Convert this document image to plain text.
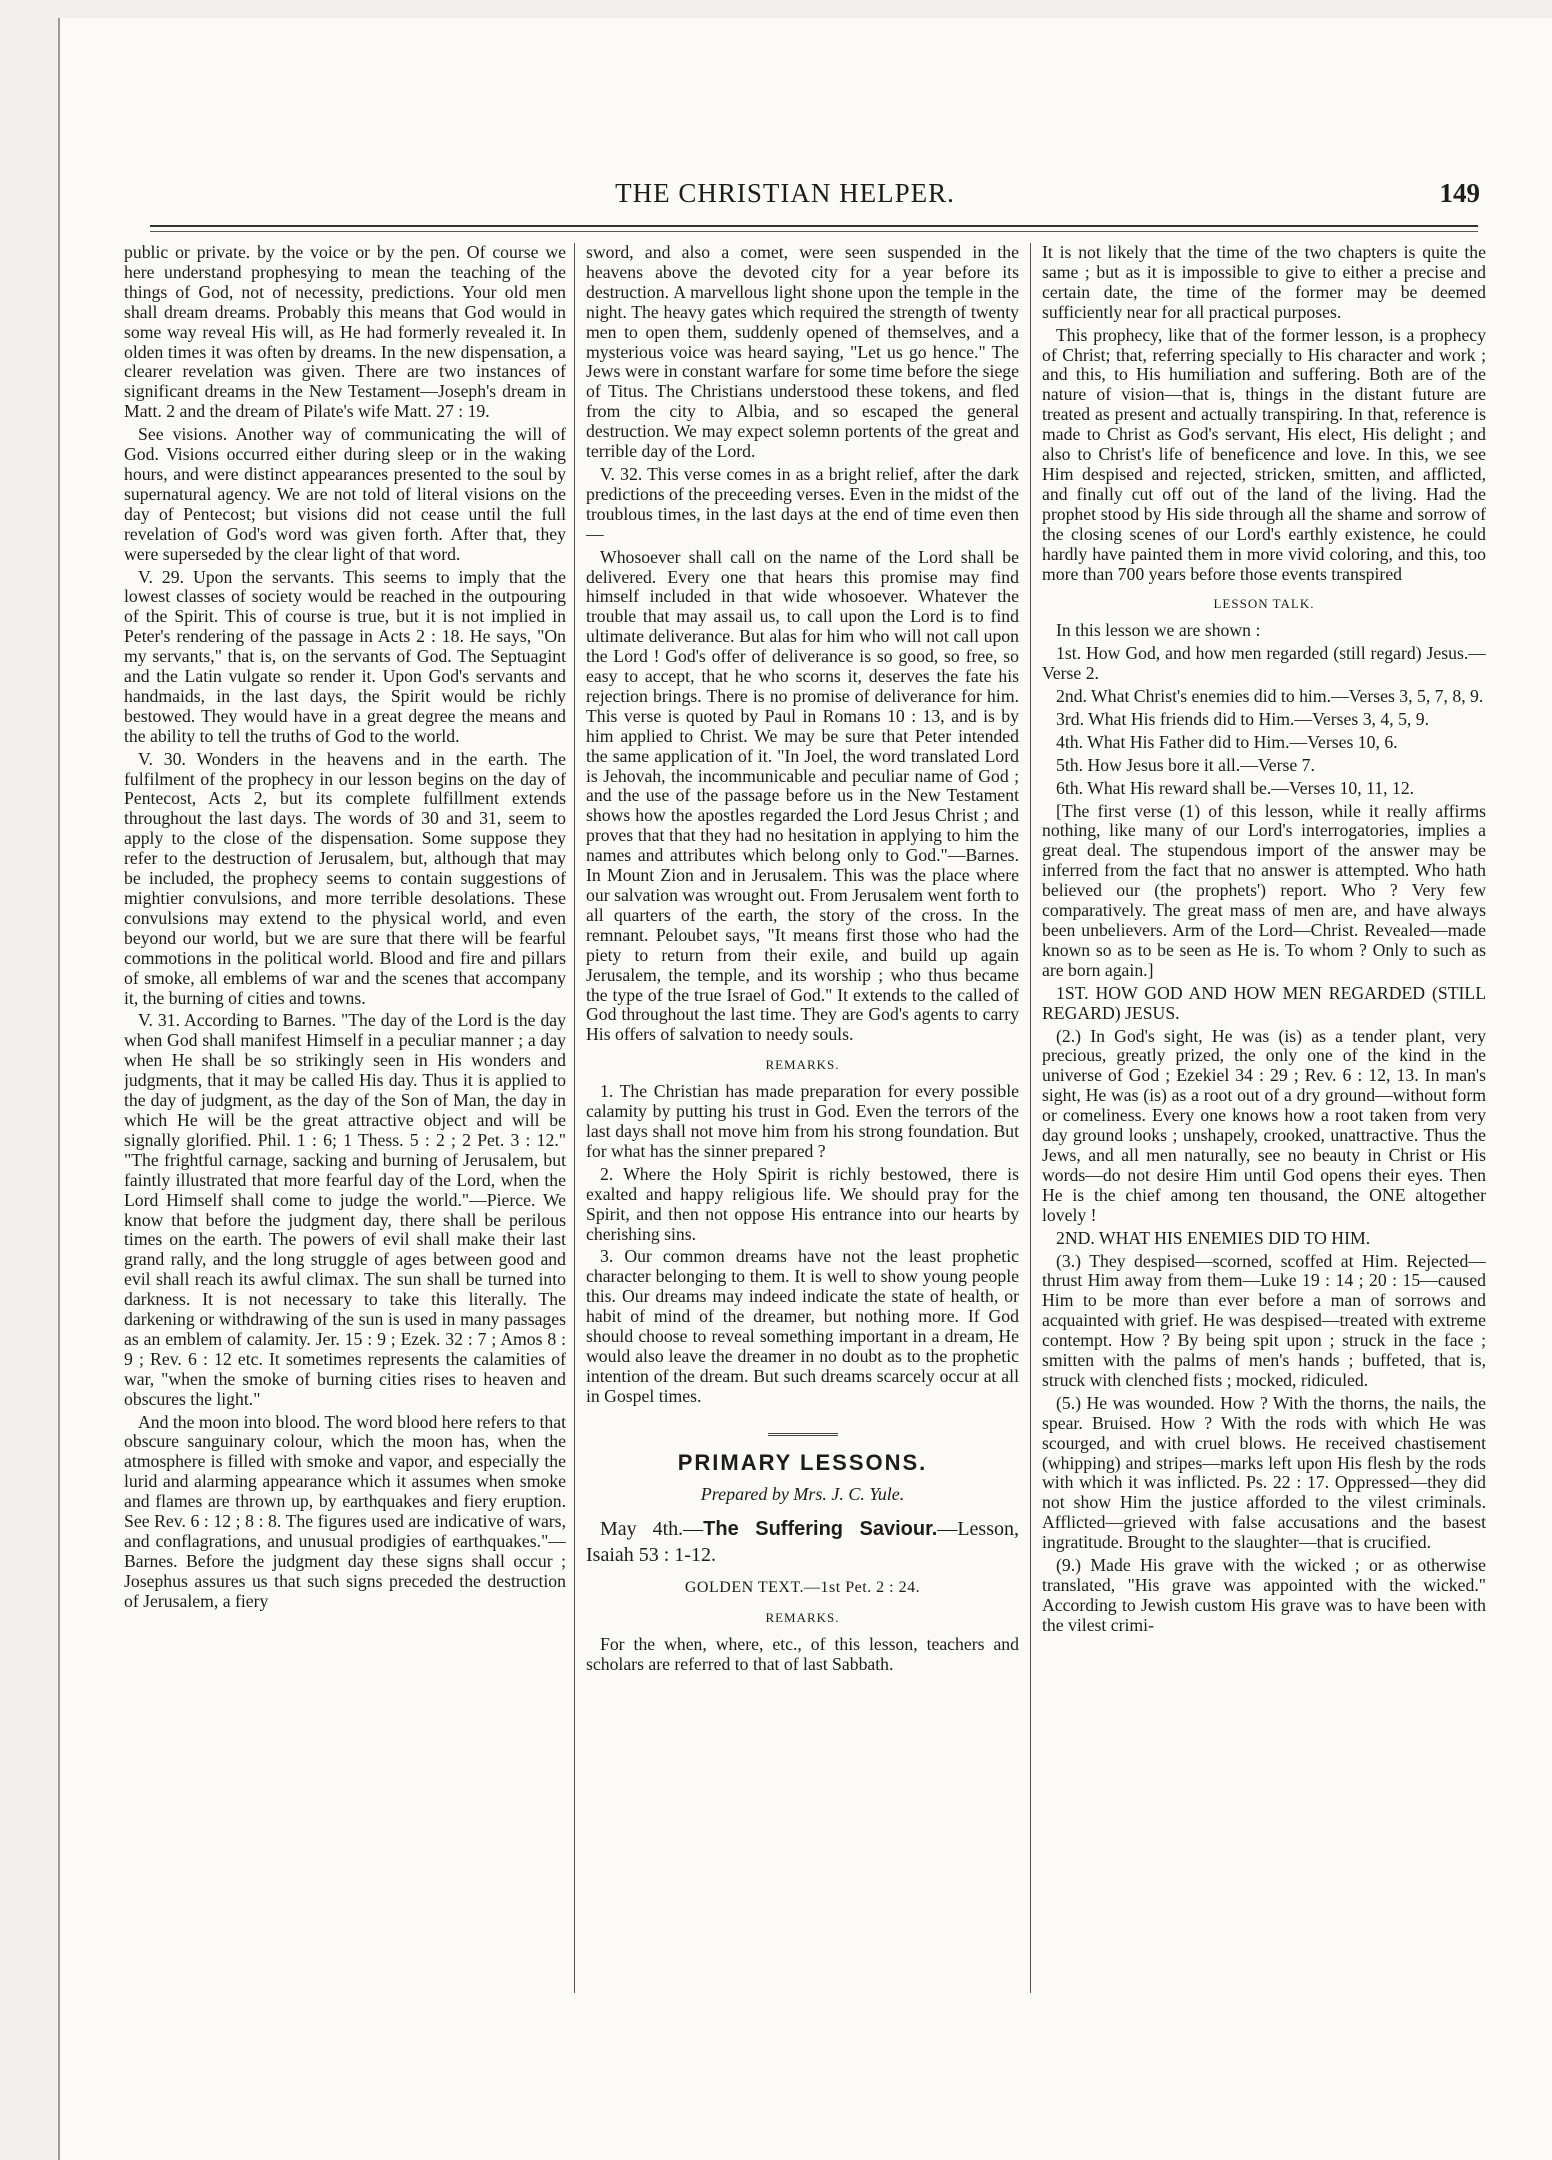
THE CHRISTIAN HELPER.	149

public or private. by the voice or by the pen. Of course we here understand prophesying to mean the teaching of the things of God, not of necessity, predictions. Your old men shall dream dreams. Probably this means that God would in some way reveal His will, as He had formerly revealed it. In olden times it was often by dreams. In the new dispensation, a clearer revelation was given. There are two instances of significant dreams in the New Testament—Joseph's dream in Matt. 2 and the dream of Pilate's wife Matt. 27 : 19.

See visions. Another way of communicating the will of God. Visions occurred either during sleep or in the waking hours, and were distinct appearances presented to the soul by supernatural agency. We are not told of literal visions on the day of Pentecost; but visions did not cease until the full revelation of God's word was given forth. After that, they were superseded by the clear light of that word.

V. 29. Upon the servants. This seems to imply that the lowest classes of society would be reached in the outpouring of the Spirit. This of course is true, but it is not implied in Peter's rendering of the passage in Acts 2 : 18. He says, "On my servants," that is, on the servants of God. The Septuagint and the Latin vulgate so render it. Upon God's servants and handmaids, in the last days, the Spirit would be richly bestowed. They would have in a great degree the means and the ability to tell the truths of God to the world.

V. 30. Wonders in the heavens and in the earth. The fulfilment of the prophecy in our lesson begins on the day of Pentecost, Acts 2, but its complete fulfillment extends throughout the last days. The words of 30 and 31, seem to apply to the close of the dispensation. Some suppose they refer to the destruction of Jerusalem, but, although that may be included, the prophecy seems to contain suggestions of mightier convulsions, and more terrible desolations. These convulsions may extend to the physical world, and even beyond our world, but we are sure that there will be fearful commotions in the political world. Blood and fire and pillars of smoke, all emblems of war and the scenes that accompany it, the burning of cities and towns.

V. 31. According to Barnes. "The day of the Lord is the day when God shall manifest Himself in a peculiar manner ; a day when He shall be so strikingly seen in His wonders and judgments, that it may be called His day. Thus it is applied to the day of judgment, as the day of the Son of Man, the day in which He will be the great attractive object and will be signally glorified. Phil. 1 : 6; 1 Thess. 5 : 2 ; 2 Pet. 3 : 12." "The frightful carnage, sacking and burning of Jerusalem, but faintly illustrated that more fearful day of the Lord, when the Lord Himself shall come to judge the world."—Pierce. We know that before the judgment day, there shall be perilous times on the earth. The powers of evil shall make their last grand rally, and the long struggle of ages between good and evil shall reach its awful climax. The sun shall be turned into darkness. It is not necessary to take this literally. The darkening or withdrawing of the sun is used in many passages as an emblem of calamity. Jer. 15 : 9 ; Ezek. 32 : 7 ; Amos 8 : 9 ; Rev. 6 : 12 etc. It sometimes represents the calamities of war, "when the smoke of burning cities rises to heaven and obscures the light."

And the moon into blood. The word blood here refers to that obscure sanguinary colour, which the moon has, when the atmosphere is filled with smoke and vapor, and especially the lurid and alarming appearance which it assumes when smoke and flames are thrown up, by earthquakes and fiery eruption. See Rev. 6 : 12 ; 8 : 8. The figures used are indicative of wars, and conflagrations, and unusual prodigies of earthquakes."—Barnes. Before the judgment day these signs shall occur ; Josephus assures us that such signs preceded the destruction of Jerusalem, a fiery

sword, and also a comet, were seen suspended in the heavens above the devoted city for a year before its destruction. A marvellous light shone upon the temple in the night. The heavy gates which required the strength of twenty men to open them, suddenly opened of themselves, and a mysterious voice was heard saying, "Let us go hence." The Jews were in constant warfare for some time before the siege of Titus. The Christians understood these tokens, and fled from the city to Albia, and so escaped the general destruction. We may expect solemn portents of the great and terrible day of the Lord.

V. 32. This verse comes in as a bright relief, after the dark predictions of the preceeding verses. Even in the midst of the troublous times, in the last days at the end of time even then—

Whosoever shall call on the name of the Lord shall be delivered. Every one that hears this promise may find himself included in that wide whosoever. Whatever the trouble that may assail us, to call upon the Lord is to find ultimate deliverance. But alas for him who will not call upon the Lord ! God's offer of deliverance is so good, so free, so easy to accept, that he who scorns it, deserves the fate his rejection brings. There is no promise of deliverance for him. This verse is quoted by Paul in Romans 10 : 13, and is by him applied to Christ. We may be sure that Peter intended the same application of it. "In Joel, the word translated Lord is Jehovah, the incommunicable and peculiar name of God ; and the use of the passage before us in the New Testament shows how the apostles regarded the Lord Jesus Christ ; and proves that that they had no hesitation in applying to him the names and attributes which belong only to God."—Barnes. In Mount Zion and in Jerusalem. This was the place where our salvation was wrought out. From Jerusalem went forth to all quarters of the earth, the story of the cross. In the remnant. Peloubet says, "It means first those who had the piety to return from their exile, and build up again Jerusalem, the temple, and its worship ; who thus became the type of the true Israel of God." It extends to the called of God throughout the last time. They are God's agents to carry His offers of salvation to needy souls.

REMARKS.

1. The Christian has made preparation for every possible calamity by putting his trust in God. Even the terrors of the last days shall not move him from his strong foundation. But for what has the sinner prepared ?

2. Where the Holy Spirit is richly bestowed, there is exalted and happy religious life. We should pray for the Spirit, and then not oppose His entrance into our hearts by cherishing sins.

3. Our common dreams have not the least prophetic character belonging to them. It is well to show young people this. Our dreams may indeed indicate the state of health, or habit of mind of the dreamer, but nothing more. If God should choose to reveal something important in a dream, He would also leave the dreamer in no doubt as to the prophetic intention of the dream. But such dreams scarcely occur at all in Gospel times.

PRIMARY LESSONS.
Prepared by Mrs. J. C. Yule.

May 4th.—The Suffering Saviour.—Lesson, Isaiah 53 : 1-12.

GOLDEN TEXT.—1st Pet. 2 : 24.
REMARKS.

For the when, where, etc., of this lesson, teachers and scholars are referred to that of last Sabbath.

It is not likely that the time of the two chapters is quite the same ; but as it is impossible to give to either a precise and certain date, the time of the former may be deemed sufficiently near for all practical purposes.

This prophecy, like that of the former lesson, is a prophecy of Christ; that, referring specially to His character and work ; and this, to His humiliation and suffering. Both are of the nature of vision—that is, things in the distant future are treated as present and actually transpiring. In that, reference is made to Christ as God's servant, His elect, His delight ; and also to Christ's life of beneficence and love. In this, we see Him despised and rejected, stricken, smitten, and afflicted, and finally cut off out of the land of the living. Had the prophet stood by His side through all the shame and sorrow of the closing scenes of our Lord's earthly existence, he could hardly have painted them in more vivid coloring, and this, too more than 700 years before those events transpired

LESSON TALK.

In this lesson we are shown :

1st. How God, and how men regarded (still regard) Jesus.—Verse 2.

2nd. What Christ's enemies did to him.—Verses 3, 5, 7, 8, 9.

3rd. What His friends did to Him.—Verses 3, 4, 5, 9.

4th. What His Father did to Him.—Verses 10, 6.

5th. How Jesus bore it all.—Verse 7.

6th. What His reward shall be.—Verses 10, 11, 12.

[The first verse (1) of this lesson, while it really affirms nothing, like many of our Lord's interrogatories, implies a great deal. The stupendous import of the answer may be inferred from the fact that no answer is attempted. Who hath believed our (the prophets') report. Who ? Very few comparatively. The great mass of men are, and have always been unbelievers. Arm of the Lord—Christ. Revealed—made known so as to be seen as He is. To whom ? Only to such as are born again.]

1ST. HOW GOD AND HOW MEN REGARDED (STILL REGARD) JESUS.

(2.) In God's sight, He was (is) as a tender plant, very precious, greatly prized, the only one of the kind in the universe of God ; Ezekiel 34 : 29 ; Rev. 6 : 12, 13. In man's sight, He was (is) as a root out of a dry ground—without form or comeliness. Every one knows how a root taken from very day ground looks ; unshapely, crooked, unattractive. Thus the Jews, and all men naturally, see no beauty in Christ or His words—do not desire Him until God opens their eyes. Then He is the chief among ten thousand, the ONE altogether lovely !

2ND. WHAT HIS ENEMIES DID TO HIM.

(3.) They despised—scorned, scoffed at Him. Rejected—thrust Him away from them—Luke 19 : 14 ; 20 : 15—caused Him to be more than ever before a man of sorrows and acquainted with grief. He was despised—treated with extreme contempt. How ? By being spit upon ; struck in the face ; smitten with the palms of men's hands ; buffeted, that is, struck with clenched fists ; mocked, ridiculed.

(5.) He was wounded. How ? With the thorns, the nails, the spear. Bruised. How ? With the rods with which He was scourged, and with cruel blows. He received chastisement (whipping) and stripes—marks left upon His flesh by the rods with which it was inflicted. Ps. 22 : 17. Oppressed—they did not show Him the justice afforded to the vilest criminals. Afflicted—grieved with false accusations and the basest ingratitude. Brought to the slaughter—that is crucified.

(9.) Made His grave with the wicked ; or as otherwise translated, "His grave was appointed with the wicked." According to Jewish custom His grave was to have been with the vilest crimi-
